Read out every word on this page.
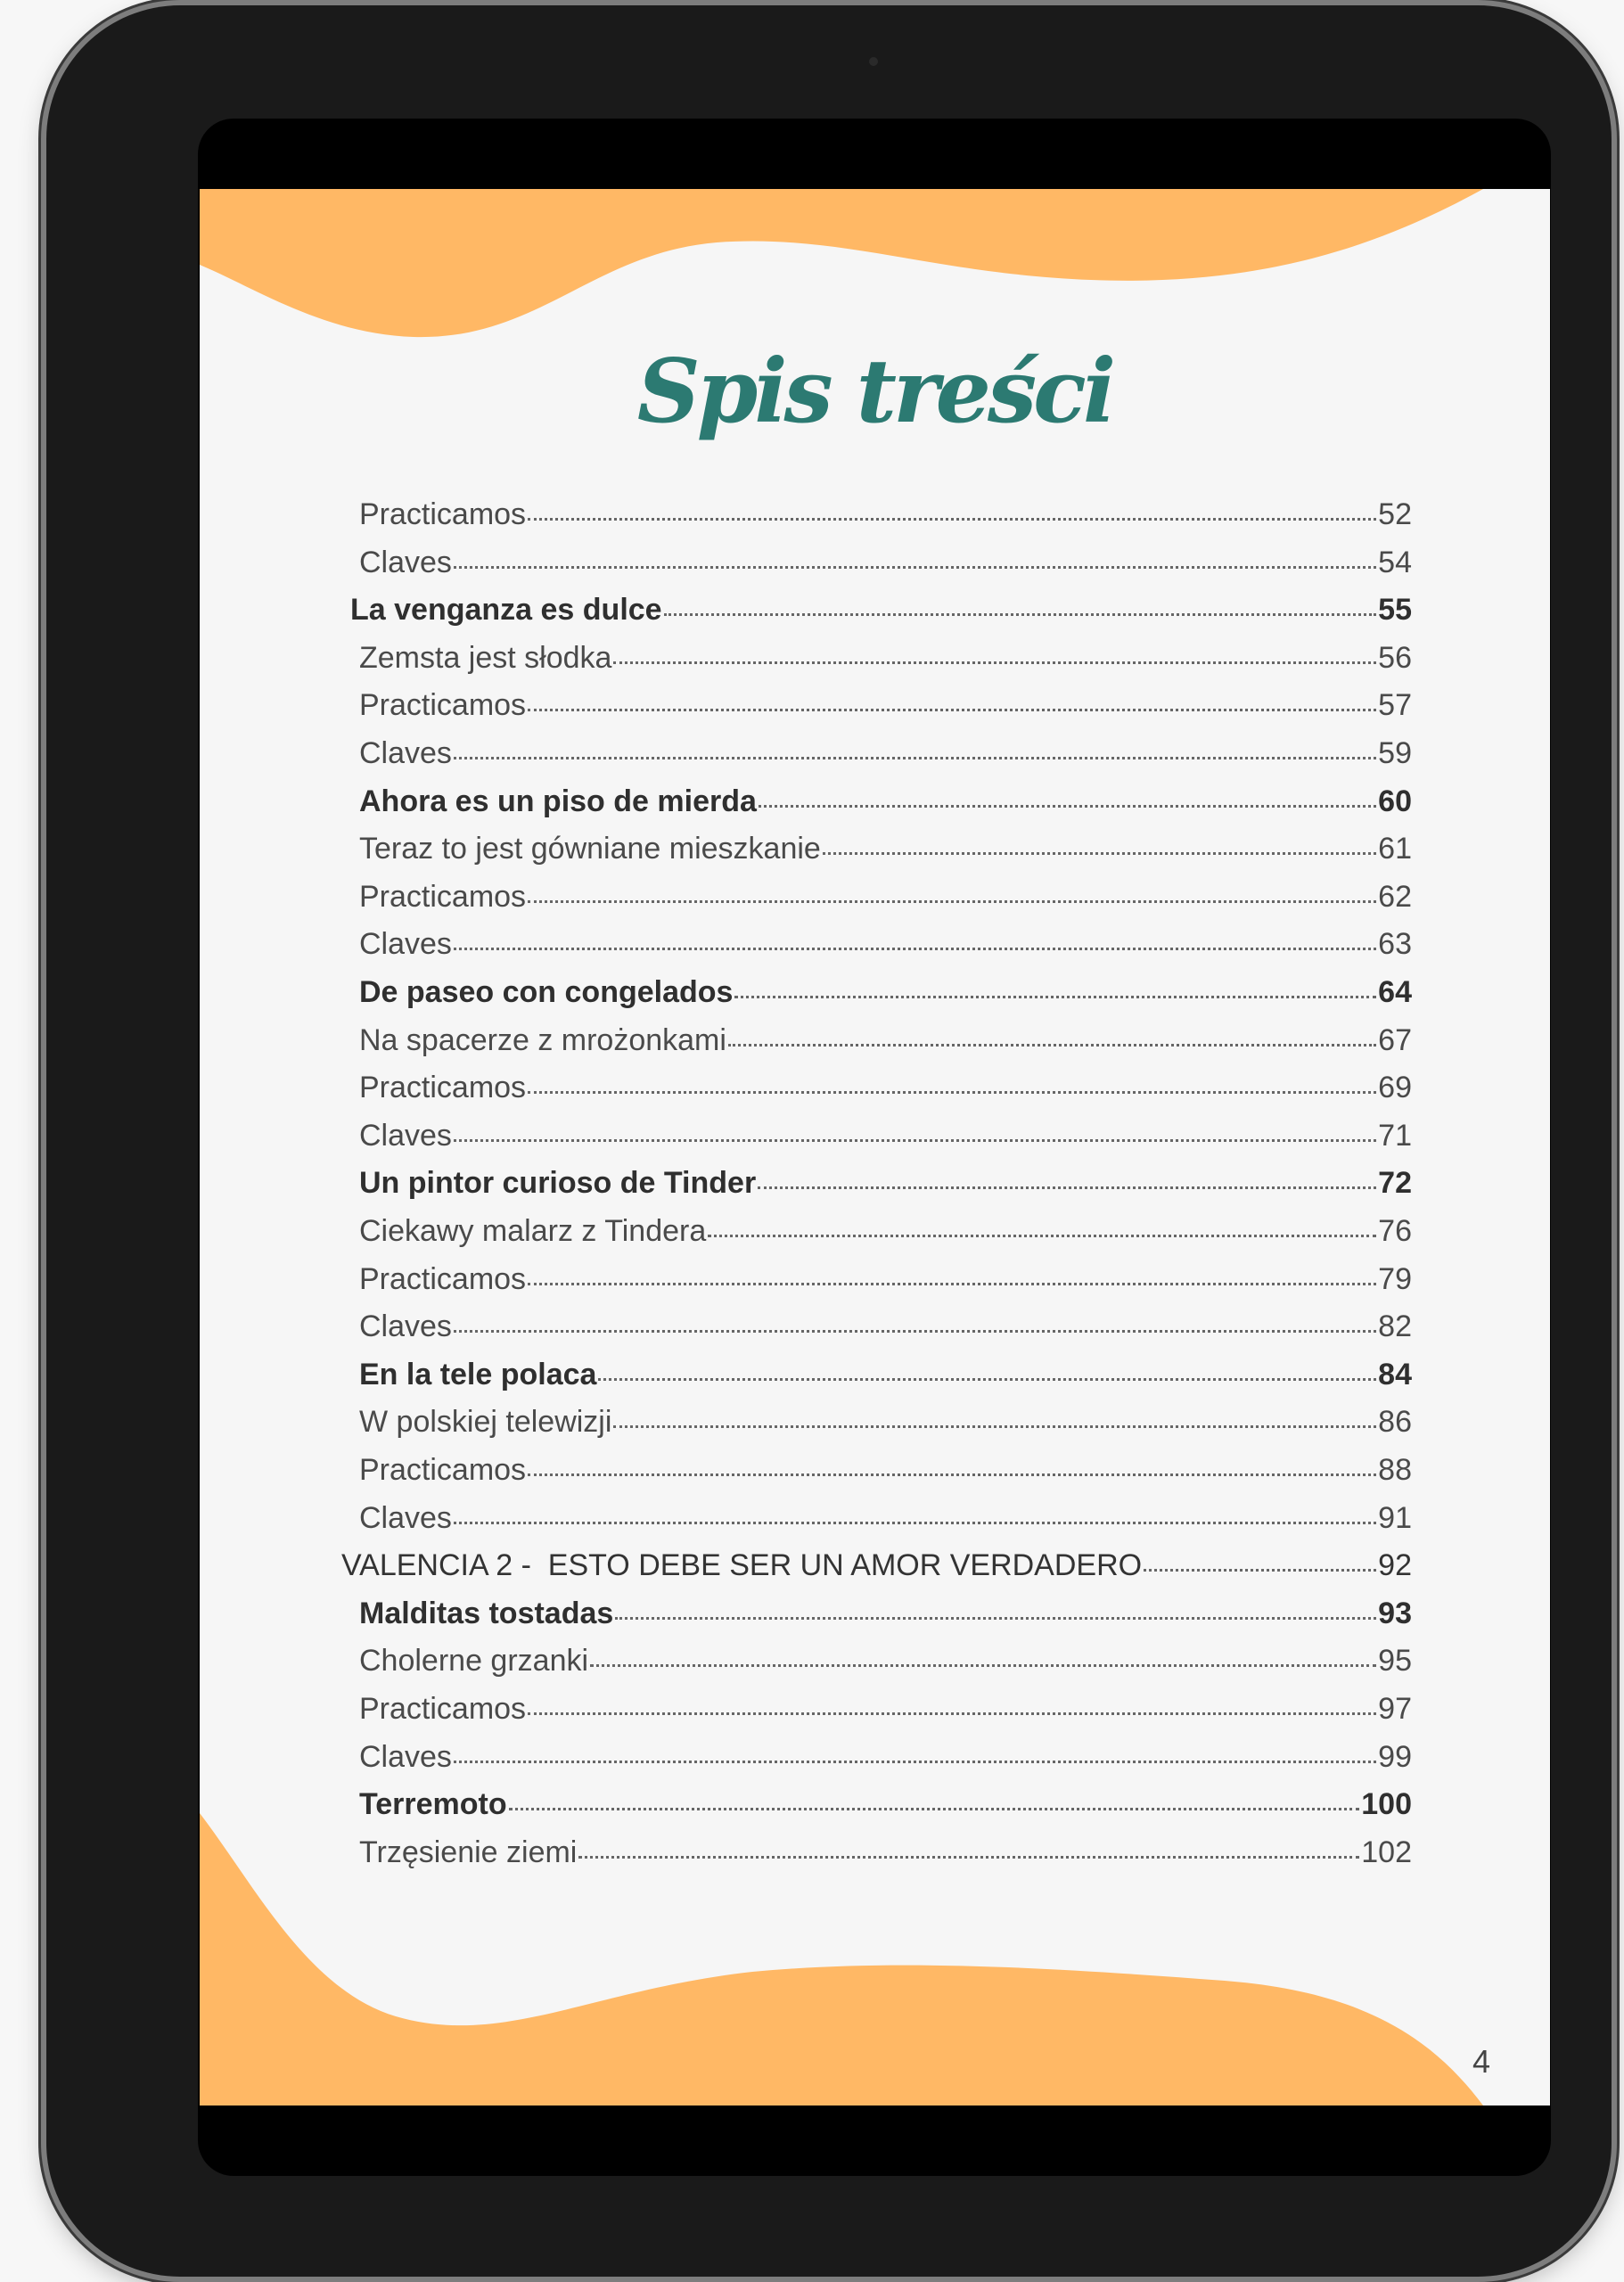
Spis treści
Practicamos	52
Claves	54
La venganza es dulce	55
Zemsta jest słodka	56
Practicamos	57
Claves	59
Ahora es un piso de mierda	60
Teraz to jest gówniane mieszkanie	61
Practicamos	62
Claves	63
De paseo con congelados	64
Na spacerze z mrożonkami	67
Practicamos	69
Claves	71
Un pintor curioso de Tinder	72
Ciekawy malarz z Tindera	76
Practicamos	79
Claves	82
En la tele polaca	84
W polskiej telewizji	86
Practicamos	88
Claves	91
VALENCIA 2 -  ESTO DEBE SER UN AMOR VERDADERO	92
Malditas tostadas	93
Cholerne grzanki	95
Practicamos	97
Claves	99
Terremoto	100
Trzęsienie ziemi	102
4
